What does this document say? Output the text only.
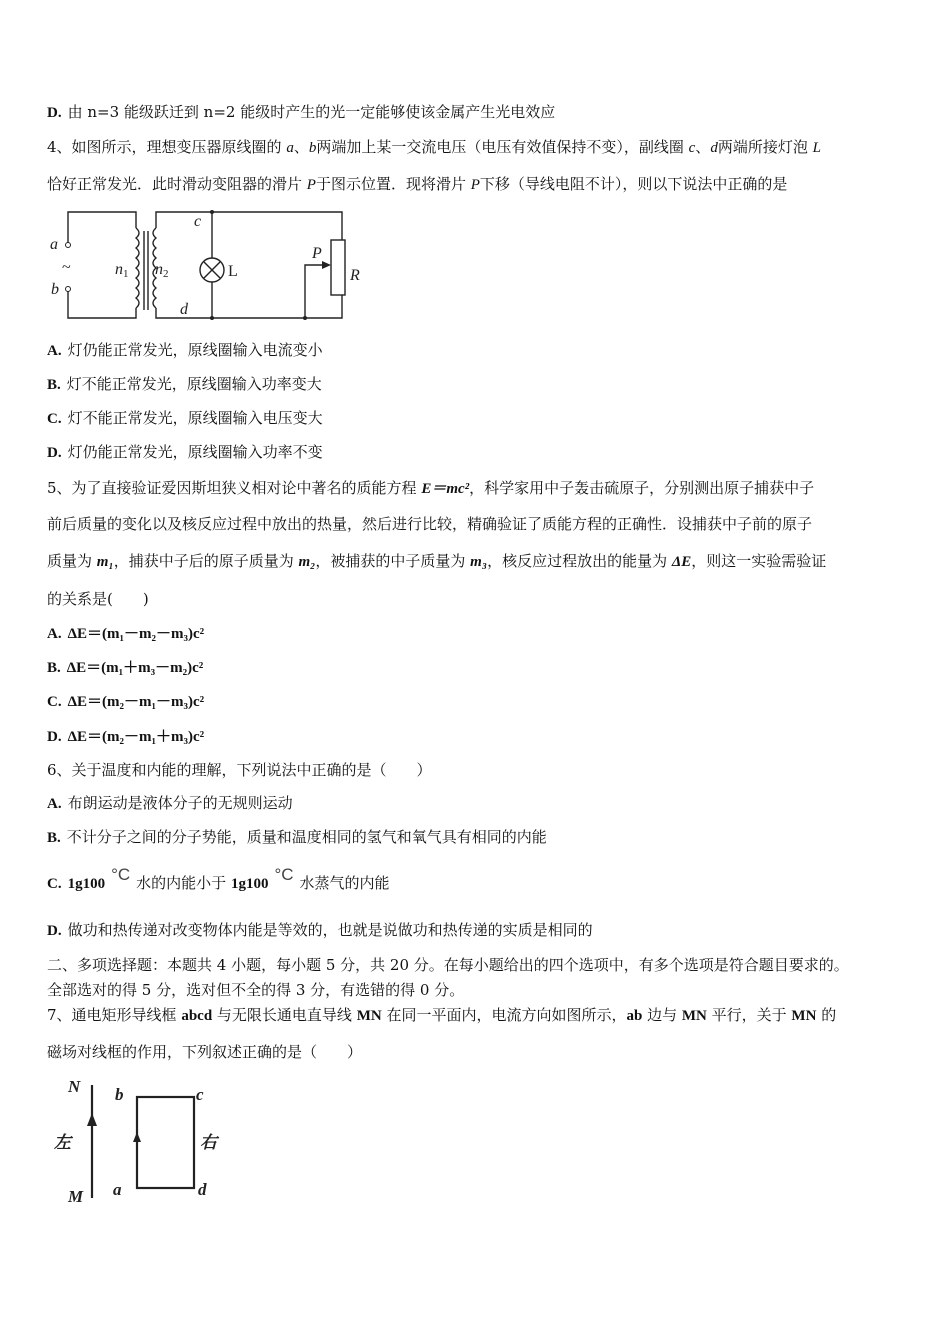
D. 由 n=3 能级跃迁到 n=2 能级时产生的光一定能够使该金属产生光电效应
4、如图所示，理想变压器原线圈的 a、b两端加上某一交流电压（电压有效值保持不变），副线圈 c、d两端所接灯泡 L
恰好正常发光．此时滑动变阻器的滑片 P于图示位置．现将滑片 P下移（导线电阻不计），则以下说法中正确的是
a
b
~	n1 n2
c
d
L
P
R
A. 灯仍能正常发光，原线圈输入电流变小
B. 灯不能正常发光，原线圈输入功率变大
C. 灯不能正常发光，原线圈输入电压变大
D. 灯仍能正常发光，原线圈输入功率不变
5、为了直接验证爱因斯坦狭义相对论中著名的质能方程 E＝mc²，科学家用中子轰击硫原子，分别测出原子捕获中子
前后质量的变化以及核反应过程中放出的热量，然后进行比较，精确验证了质能方程的正确性．设捕获中子前的原子
质量为 m₁，捕获中子后的原子质量为 m₂，被捕获的中子质量为 m₃，核反应过程放出的能量为 ΔE，则这一实验需验证
的关系是(　　)
A. ΔE＝(m₁－m₂－m₃)c²
B. ΔE＝(m₁＋m₃－m₂)c²
C. ΔE＝(m₂－m₁－m₃)c²
D. ΔE＝(m₂－m₁＋m₃)c²
6、关于温度和内能的理解，下列说法中正确的是（　　）
A. 布朗运动是液体分子的无规则运动
B. 不计分子之间的分子势能，质量和温度相同的氢气和氧气具有相同的内能
C. 1g100 °C 水的内能小于 1g100 °C 水蒸气的内能
D. 做功和热传递对改变物体内能是等效的，也就是说做功和热传递的实质是相同的
二、多项选择题：本题共 4 小题，每小题 5 分，共 20 分。在每小题给出的四个选项中，有多个选项是符合题目要求的。
全部选对的得 5 分，选对但不全的得 3 分，有选错的得 0 分。
7、通电矩形导线框 abcd 与无限长通电直导线 MN 在同一平面内，电流方向如图所示，ab 边与 MN 平行，关于 MN 的
磁场对线框的作用，下列叙述正确的是（　　）
N
M
b	c
a	d
左	右
